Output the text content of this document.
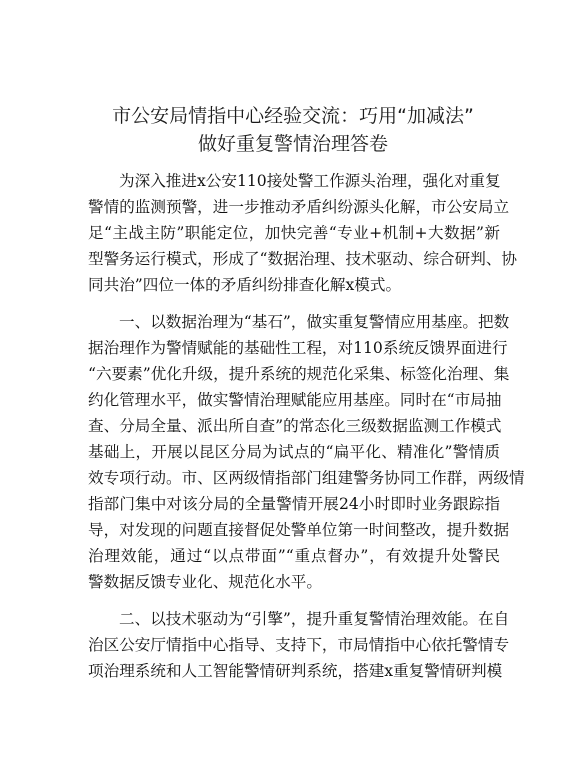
市公安局情指中心经验交流：巧用“加减法”
做好重复警情治理答卷
为深入推进x公安110接处警工作源头治理，强化对重复
警情的监测预警，进一步推动矛盾纠纷源头化解，市公安局立
足“主战主防”职能定位，加快完善“专业+机制+大数据”新
型警务运行模式，形成了“数据治理、技术驱动、综合研判、协
同共治”四位一体的矛盾纠纷排查化解x模式。
一、以数据治理为“基石”，做实重复警情应用基座。把数
据治理作为警情赋能的基础性工程，对110系统反馈界面进行
“六要素”优化升级，提升系统的规范化采集、标签化治理、集
约化管理水平，做实警情治理赋能应用基座。同时在“市局抽
查、分局全量、派出所自查”的常态化三级数据监测工作模式
基础上，开展以昆区分局为试点的“扁平化、精准化”警情质
效专项行动。市、区两级情指部门组建警务协同工作群，两级情
指部门集中对该分局的全量警情开展24小时即时业务跟踪指
导，对发现的问题直接督促处警单位第一时间整改，提升数据
治理效能，通过“以点带面”“重点督办”，有效提升处警民
警数据反馈专业化、规范化水平。
二、以技术驱动为“引擎”，提升重复警情治理效能。在自
治区公安厅情指中心指导、支持下，市局情指中心依托警情专
项治理系统和人工智能警情研判系统，搭建x重复警情研判模
